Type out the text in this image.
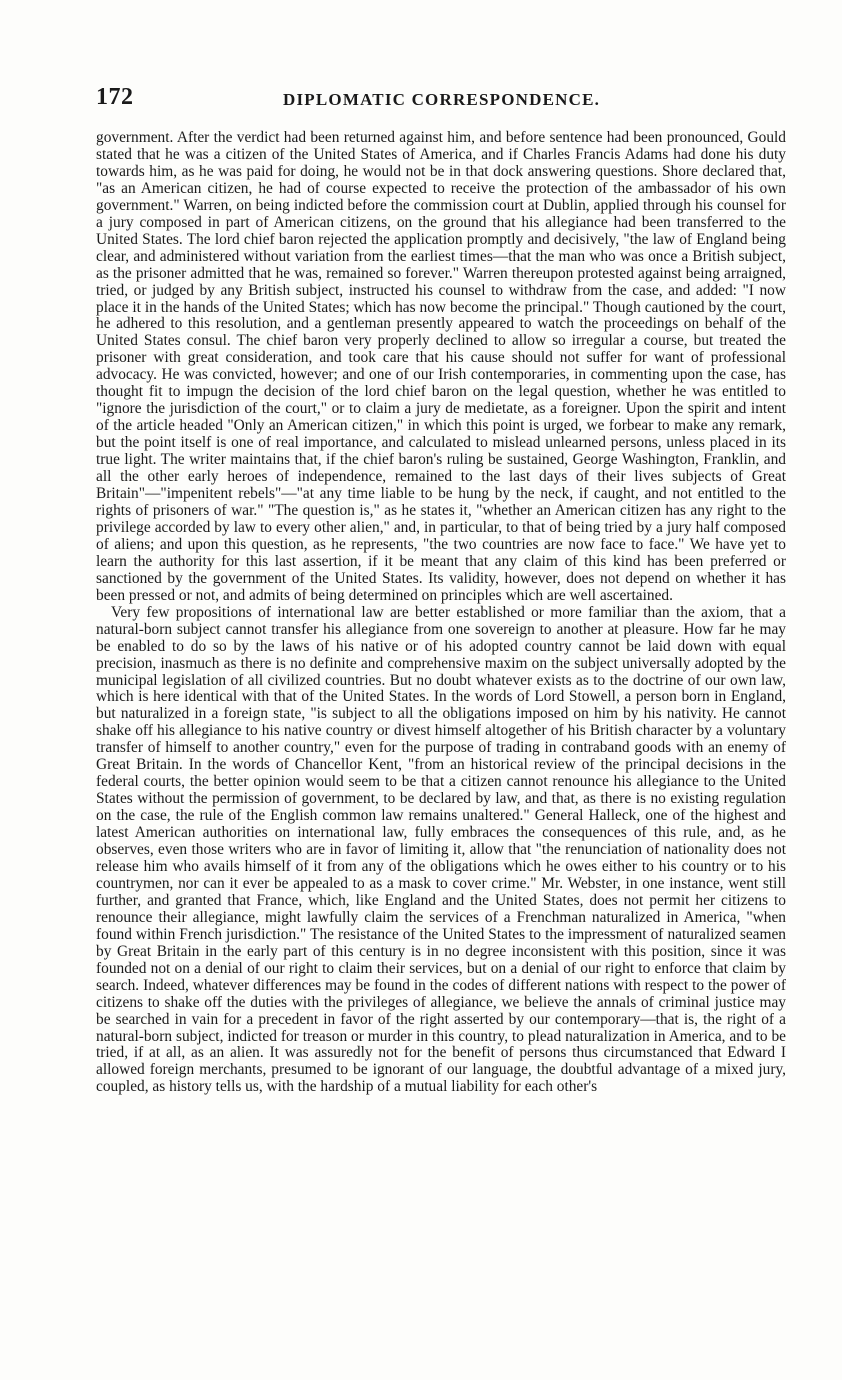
172	DIPLOMATIC CORRESPONDENCE.

government. After the verdict had been returned against him, and before sentence had been pronounced, Gould stated that he was a citizen of the United States of America, and if Charles Francis Adams had done his duty towards him, as he was paid for doing, he would not be in that dock answering questions. Shore declared that, "as an American citizen, he had of course expected to receive the protection of the ambassador of his own government." Warren, on being indicted before the commission court at Dublin, applied through his counsel for a jury composed in part of American citizens, on the ground that his allegiance had been transferred to the United States. The lord chief baron rejected the application promptly and decisively, "the law of England being clear, and administered without variation from the earliest times—that the man who was once a British subject, as the prisoner admitted that he was, remained so forever." Warren thereupon protested against being arraigned, tried, or judged by any British subject, instructed his counsel to withdraw from the case, and added: "I now place it in the hands of the United States; which has now become the principal." Though cautioned by the court, he adhered to this resolution, and a gentleman presently appeared to watch the proceedings on behalf of the United States consul. The chief baron very properly declined to allow so irregular a course, but treated the prisoner with great consideration, and took care that his cause should not suffer for want of professional advocacy. He was convicted, however; and one of our Irish contemporaries, in commenting upon the case, has thought fit to impugn the decision of the lord chief baron on the legal question, whether he was entitled to "ignore the jurisdiction of the court," or to claim a jury de medietate, as a foreigner. Upon the spirit and intent of the article headed "Only an American citizen," in which this point is urged, we forbear to make any remark, but the point itself is one of real importance, and calculated to mislead unlearned persons, unless placed in its true light. The writer maintains that, if the chief baron's ruling be sustained, George Washington, Franklin, and all the other early heroes of independence, remained to the last days of their lives subjects of Great Britain"—"impenitent rebels"—"at any time liable to be hung by the neck, if caught, and not entitled to the rights of prisoners of war." "The question is," as he states it, "whether an American citizen has any right to the privilege accorded by law to every other alien," and, in particular, to that of being tried by a jury half composed of aliens; and upon this question, as he represents, "the two countries are now face to face." We have yet to learn the authority for this last assertion, if it be meant that any claim of this kind has been preferred or sanctioned by the government of the United States. Its validity, however, does not depend on whether it has been pressed or not, and admits of being determined on principles which are well ascertained.

Very few propositions of international law are better established or more familiar than the axiom, that a natural-born subject cannot transfer his allegiance from one sovereign to another at pleasure. How far he may be enabled to do so by the laws of his native or of his adopted country cannot be laid down with equal precision, inasmuch as there is no definite and comprehensive maxim on the subject universally adopted by the municipal legislation of all civilized countries. But no doubt whatever exists as to the doctrine of our own law, which is here identical with that of the United States. In the words of Lord Stowell, a person born in England, but naturalized in a foreign state, "is subject to all the obligations imposed on him by his nativity. He cannot shake off his allegiance to his native country or divest himself altogether of his British character by a voluntary transfer of himself to another country," even for the purpose of trading in contraband goods with an enemy of Great Britain. In the words of Chancellor Kent, "from an historical review of the principal decisions in the federal courts, the better opinion would seem to be that a citizen cannot renounce his allegiance to the United States without the permission of government, to be declared by law, and that, as there is no existing regulation on the case, the rule of the English common law remains unaltered." General Halleck, one of the highest and latest American authorities on international law, fully embraces the consequences of this rule, and, as he observes, even those writers who are in favor of limiting it, allow that "the renunciation of nationality does not release him who avails himself of it from any of the obligations which he owes either to his country or to his countrymen, nor can it ever be appealed to as a mask to cover crime." Mr. Webster, in one instance, went still further, and granted that France, which, like England and the United States, does not permit her citizens to renounce their allegiance, might lawfully claim the services of a Frenchman naturalized in America, "when found within French jurisdiction." The resistance of the United States to the impressment of naturalized seamen by Great Britain in the early part of this century is in no degree inconsistent with this position, since it was founded not on a denial of our right to claim their services, but on a denial of our right to enforce that claim by search. Indeed, whatever differences may be found in the codes of different nations with respect to the power of citizens to shake off the duties with the privileges of allegiance, we believe the annals of criminal justice may be searched in vain for a precedent in favor of the right asserted by our contemporary—that is, the right of a natural-born subject, indicted for treason or murder in this country, to plead naturalization in America, and to be tried, if at all, as an alien. It was assuredly not for the benefit of persons thus circumstanced that Edward I allowed foreign merchants, presumed to be ignorant of our language, the doubtful advantage of a mixed jury, coupled, as history tells us, with the hardship of a mutual liability for each other's
